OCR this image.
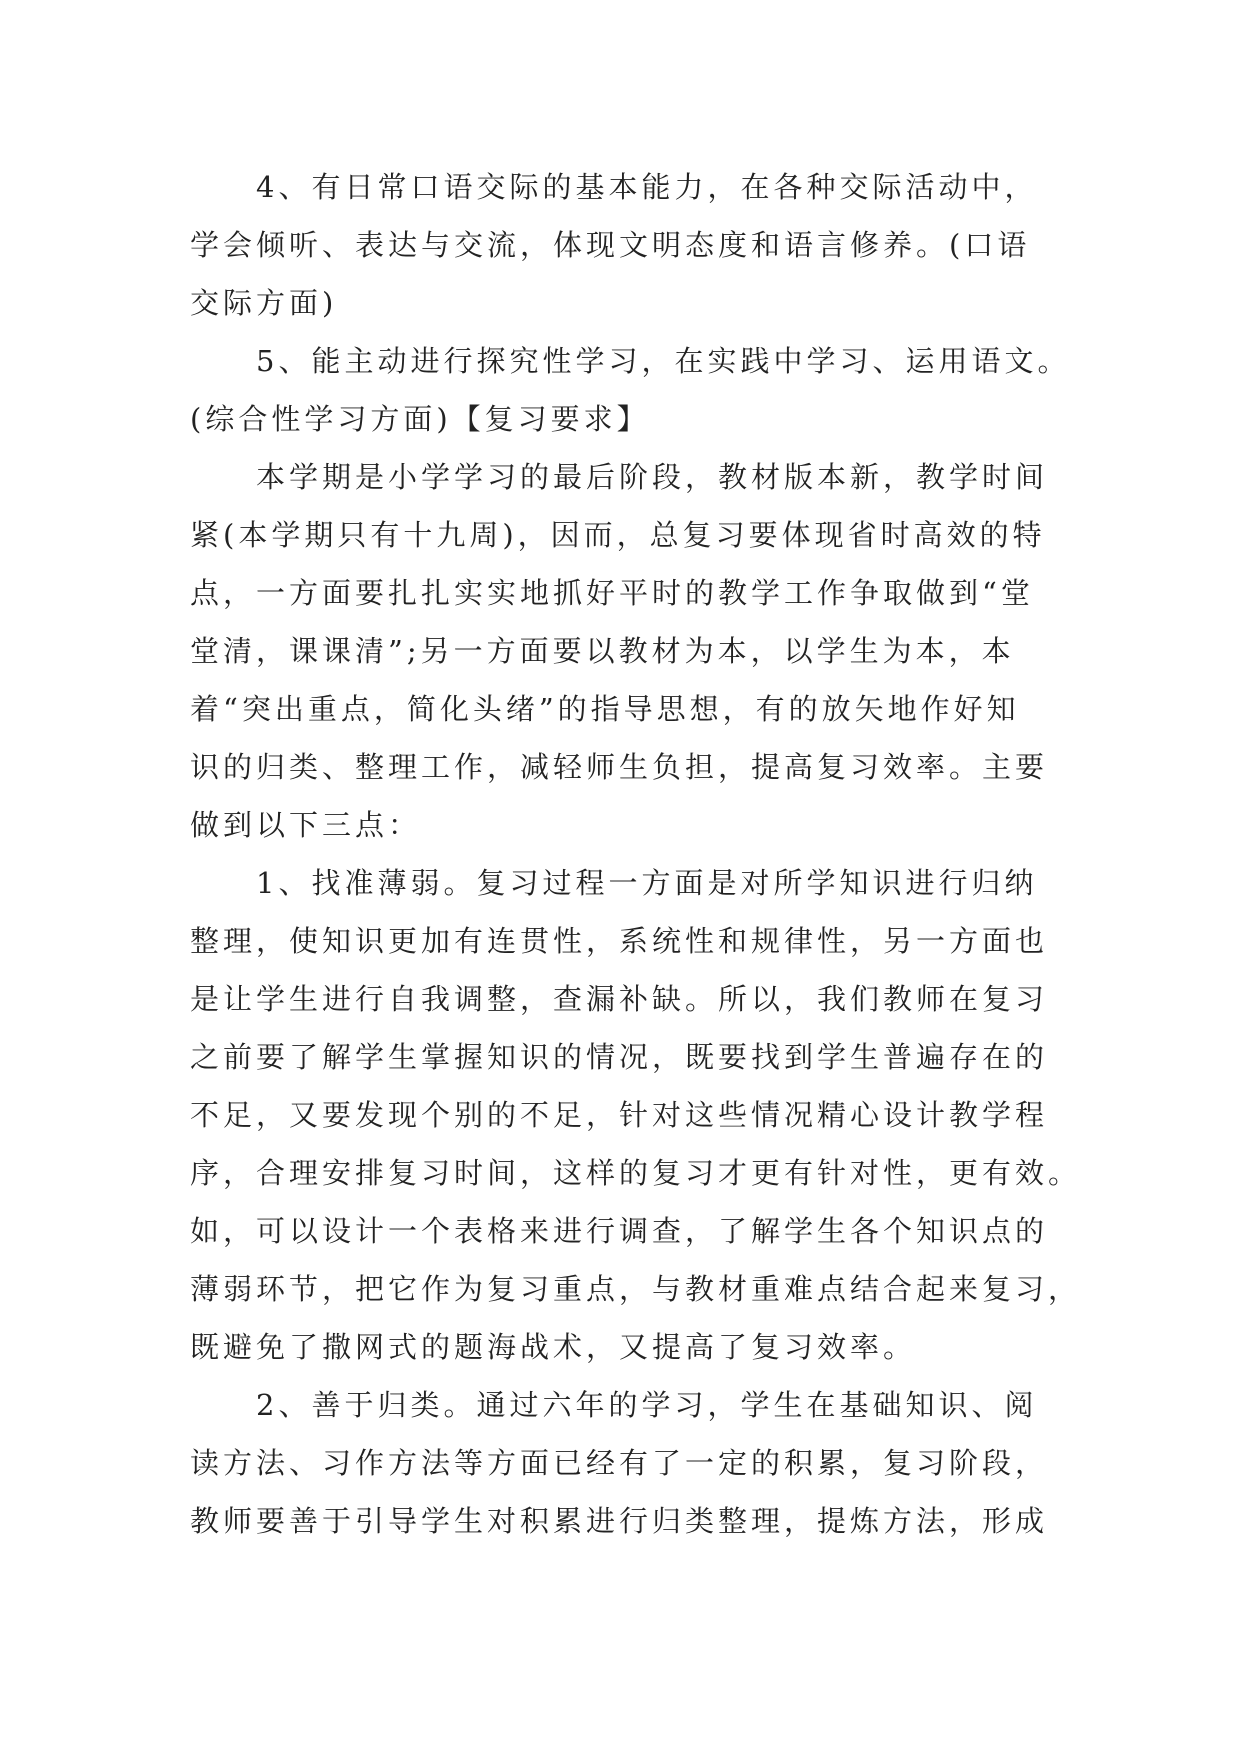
　　4、有日常口语交际的基本能力，在各种交际活动中，
学会倾听、表达与交流，体现文明态度和语言修养。(口语
交际方面)
　　5、能主动进行探究性学习，在实践中学习、运用语文。
(综合性学习方面)【复习要求】
　　本学期是小学学习的最后阶段，教材版本新，教学时间
紧(本学期只有十九周)，因而，总复习要体现省时高效的特
点，一方面要扎扎实实地抓好平时的教学工作争取做到“堂
堂清，课课清”;另一方面要以教材为本，以学生为本，本
着“突出重点，简化头绪”的指导思想，有的放矢地作好知
识的归类、整理工作，减轻师生负担，提高复习效率。主要
做到以下三点：
　　1、找准薄弱。复习过程一方面是对所学知识进行归纳
整理，使知识更加有连贯性，系统性和规律性，另一方面也
是让学生进行自我调整，查漏补缺。所以，我们教师在复习
之前要了解学生掌握知识的情况，既要找到学生普遍存在的
不足，又要发现个别的不足，针对这些情况精心设计教学程
序，合理安排复习时间，这样的复习才更有针对性，更有效。
如，可以设计一个表格来进行调查，了解学生各个知识点的
薄弱环节，把它作为复习重点，与教材重难点结合起来复习，
既避免了撒网式的题海战术，又提高了复习效率。
　　2、善于归类。通过六年的学习，学生在基础知识、阅
读方法、习作方法等方面已经有了一定的积累，复习阶段，
教师要善于引导学生对积累进行归类整理，提炼方法，形成
